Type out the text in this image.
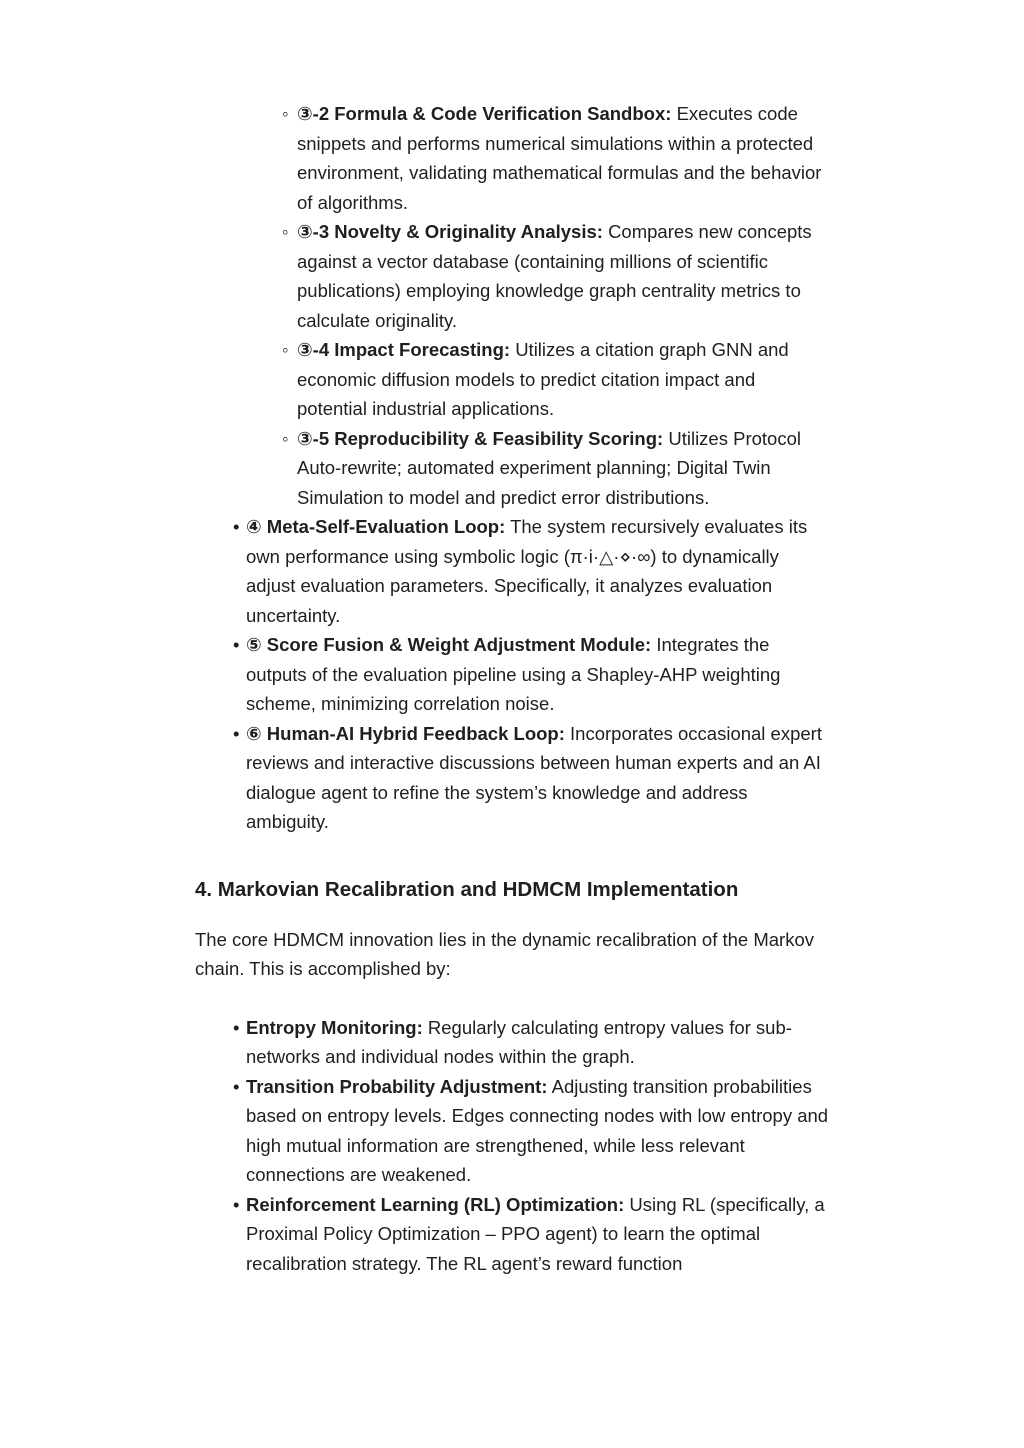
◦ ③-2 Formula & Code Verification Sandbox: Executes code snippets and performs numerical simulations within a protected environment, validating mathematical formulas and the behavior of algorithms.
◦ ③-3 Novelty & Originality Analysis: Compares new concepts against a vector database (containing millions of scientific publications) employing knowledge graph centrality metrics to calculate originality.
◦ ③-4 Impact Forecasting: Utilizes a citation graph GNN and economic diffusion models to predict citation impact and potential industrial applications.
◦ ③-5 Reproducibility & Feasibility Scoring: Utilizes Protocol Auto-rewrite; automated experiment planning; Digital Twin Simulation to model and predict error distributions.
• ④ Meta-Self-Evaluation Loop: The system recursively evaluates its own performance using symbolic logic (π·i·△·⋄·∞) to dynamically adjust evaluation parameters. Specifically, it analyzes evaluation uncertainty.
• ⑤ Score Fusion & Weight Adjustment Module: Integrates the outputs of the evaluation pipeline using a Shapley-AHP weighting scheme, minimizing correlation noise.
• ⑥ Human-AI Hybrid Feedback Loop: Incorporates occasional expert reviews and interactive discussions between human experts and an AI dialogue agent to refine the system’s knowledge and address ambiguity.
4. Markovian Recalibration and HDMCM Implementation

The core HDMCM innovation lies in the dynamic recalibration of the Markov chain. This is accomplished by:

• Entropy Monitoring: Regularly calculating entropy values for sub-networks and individual nodes within the graph.
• Transition Probability Adjustment: Adjusting transition probabilities based on entropy levels. Edges connecting nodes with low entropy and high mutual information are strengthened, while less relevant connections are weakened.
• Reinforcement Learning (RL) Optimization: Using RL (specifically, a Proximal Policy Optimization – PPO agent) to learn the optimal recalibration strategy. The RL agent’s reward function
